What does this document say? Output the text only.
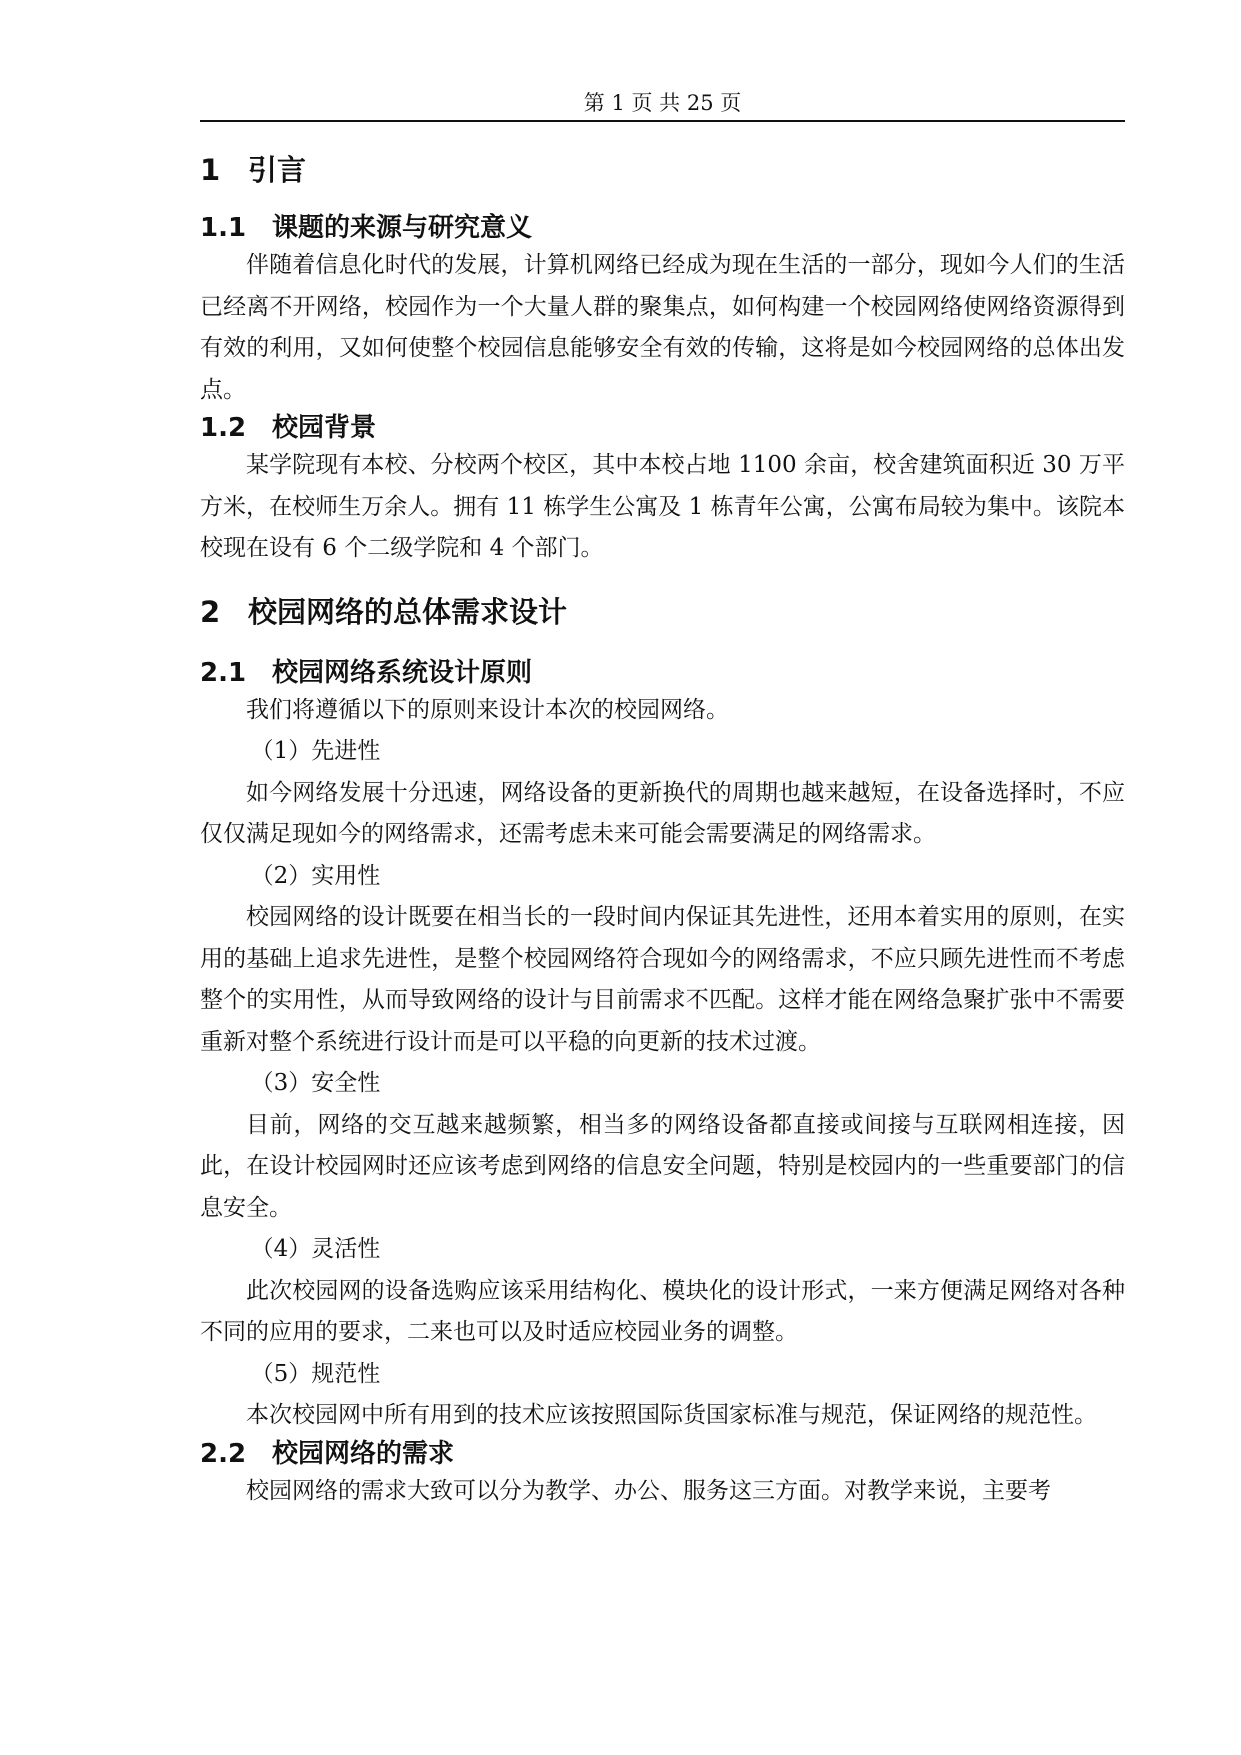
第 1 页 共 25 页
1 引言
1.1 课题的来源与研究意义

伴随着信息化时代的发展，计算机网络已经成为现在生活的一部分，现如今人们的生活已经离不开网络，校园作为一个大量人群的聚集点，如何构建一个校园网络使网络资源得到有效的利用，又如何使整个校园信息能够安全有效的传输，这将是如今校园网络的总体出发点。

1.2 校园背景

某学院现有本校、分校两个校区，其中本校占地 1100 余亩，校舍建筑面积近 30 万平方米，在校师生万余人。拥有 11 栋学生公寓及 1 栋青年公寓，公寓布局较为集中。该院本校现在设有 6 个二级学院和 4 个部门。

2 校园网络的总体需求设计
2.1 校园网络系统设计原则

我们将遵循以下的原则来设计本次的校园网络。

（1）先进性

如今网络发展十分迅速，网络设备的更新换代的周期也越来越短，在设备选择时，不应仅仅满足现如今的网络需求，还需考虑未来可能会需要满足的网络需求。

（2）实用性

校园网络的设计既要在相当长的一段时间内保证其先进性，还用本着实用的原则，在实用的基础上追求先进性，是整个校园网络符合现如今的网络需求，不应只顾先进性而不考虑整个的实用性，从而导致网络的设计与目前需求不匹配。这样才能在网络急聚扩张中不需要重新对整个系统进行设计而是可以平稳的向更新的技术过渡。

（3）安全性

目前，网络的交互越来越频繁，相当多的网络设备都直接或间接与互联网相连接，因此，在设计校园网时还应该考虑到网络的信息安全问题，特别是校园内的一些重要部门的信息安全。

（4）灵活性

此次校园网的设备选购应该采用结构化、模块化的设计形式，一来方便满足网络对各种不同的应用的要求，二来也可以及时适应校园业务的调整。

（5）规范性

本次校园网中所有用到的技术应该按照国际货国家标准与规范，保证网络的规范性。

2.2 校园网络的需求

校园网络的需求大致可以分为教学、办公、服务这三方面。对教学来说，主要考
